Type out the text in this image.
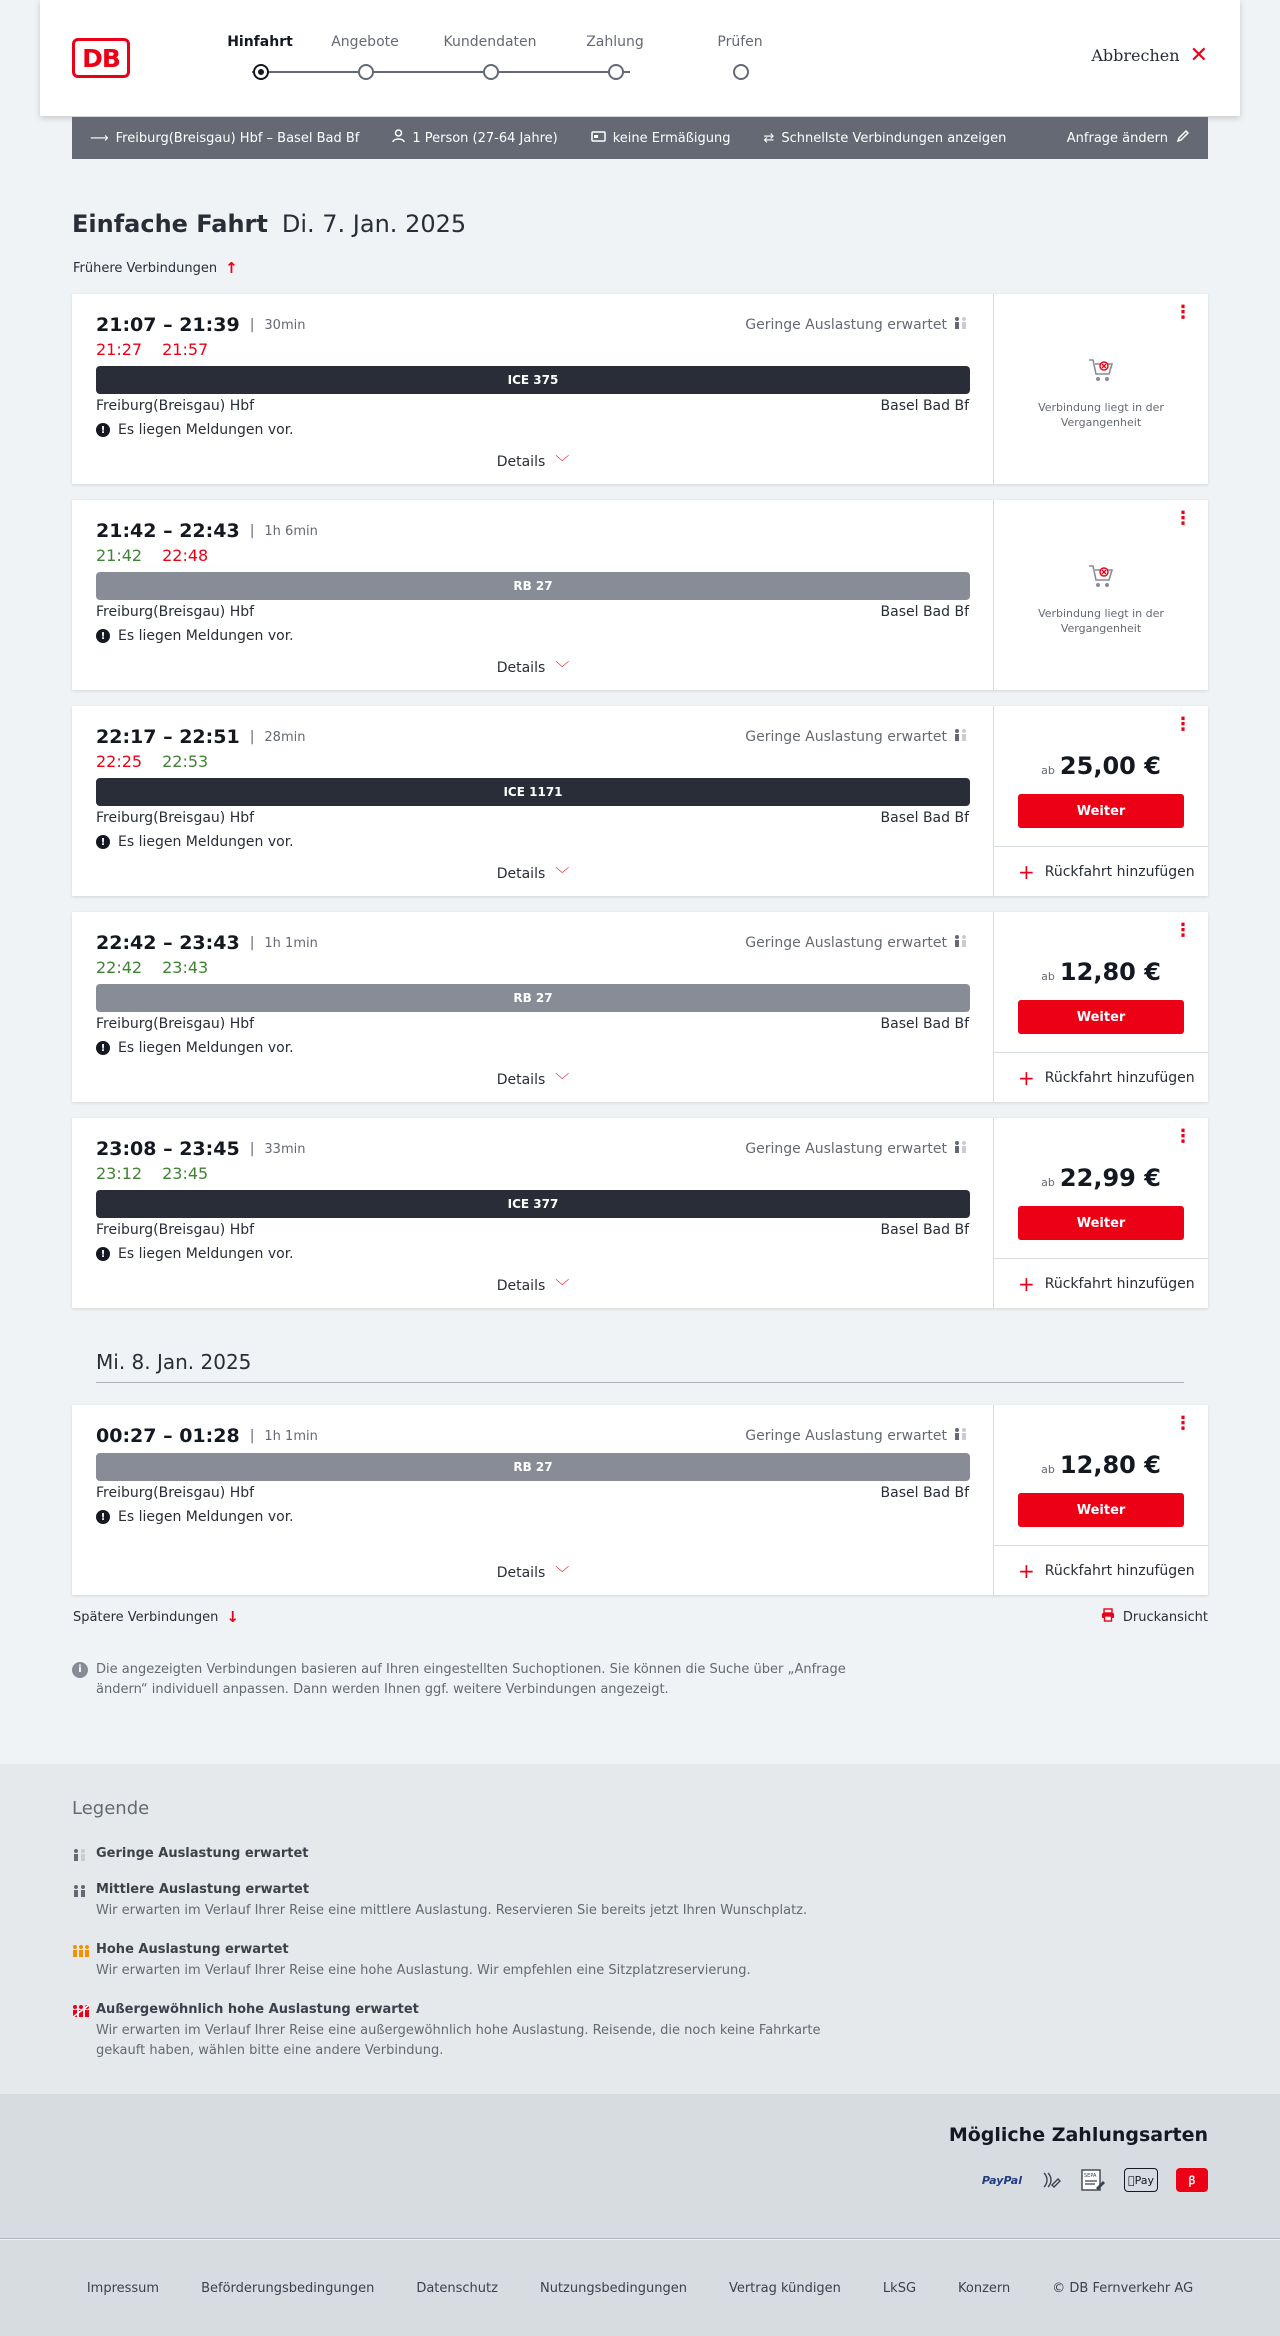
DB
Hinfahrt	Angebote	Kundendaten	Zahlung	Prüfen
Abbrechen ✕
⟶ Freiburg(Breisgau) Hbf – Basel Bad Bf	1 Person (27-64 Jahre)	keine Ermäßigung	⇄ Schnellste Verbindungen anzeigen	Anfrage ändern
Einfache Fahrt Di. 7. Jan. 2025
Frühere Verbindungen ↑
21:07 – 21:39 | 30min
21:27 21:57
Geringe Auslastung erwartet
ICE 375
Freiburg(Breisgau) Hbf	Basel Bad Bf
! Es liegen Meldungen vor.
Details ﹀
⋮
Verbindung liegt in der Vergangenheit
21:42 – 22:43 | 1h 6min
21:42 22:48
RB 27
Freiburg(Breisgau) Hbf	Basel Bad Bf
! Es liegen Meldungen vor.
Details ﹀
⋮
Verbindung liegt in der Vergangenheit
22:17 – 22:51 | 28min
22:25 22:53
Geringe Auslastung erwartet
ICE 1171
Freiburg(Breisgau) Hbf	Basel Bad Bf
! Es liegen Meldungen vor.
Details ﹀
⋮
ab 25,00 €
Weiter
+ Rückfahrt hinzufügen
22:42 – 23:43 | 1h 1min
22:42 23:43
Geringe Auslastung erwartet
RB 27
Freiburg(Breisgau) Hbf	Basel Bad Bf
! Es liegen Meldungen vor.
Details ﹀
⋮
ab 12,80 €
Weiter
+ Rückfahrt hinzufügen
23:08 – 23:45 | 33min
23:12 23:45
Geringe Auslastung erwartet
ICE 377
Freiburg(Breisgau) Hbf	Basel Bad Bf
! Es liegen Meldungen vor.
Details ﹀
⋮
ab 22,99 €
Weiter
+ Rückfahrt hinzufügen
Mi. 8. Jan. 2025
00:27 – 01:28 | 1h 1min	Geringe Auslastung erwartet
RB 27
Freiburg(Breisgau) Hbf	Basel Bad Bf
! Es liegen Meldungen vor.
Details ﹀
⋮
ab 12,80 €
Weiter
+ Rückfahrt hinzufügen
Spätere Verbindungen ↓	Druckansicht
i	Die angezeigten Verbindungen basieren auf Ihren eingestellten Suchoptionen. Sie können die Suche über „Anfrage ändern“ individuell anpassen. Dann werden Ihnen ggf. weitere Verbindungen angezeigt.
Legende
Geringe Auslastung erwartet
Mittlere Auslastung erwartet
Wir erwarten im Verlauf Ihrer Reise eine mittlere Auslastung. Reservieren Sie bereits jetzt Ihren Wunschplatz.
Hohe Auslastung erwartet
Wir erwarten im Verlauf Ihrer Reise eine hohe Auslastung. Wir empfehlen eine Sitzplatzreservierung.
Außergewöhnlich hohe Auslastung erwartet
Wir erwarten im Verlauf Ihrer Reise eine außergewöhnlich hohe Auslastung. Reisende, die noch keine Fahrkarte gekauft haben, wählen bitte eine andere Verbindung.
Mögliche Zahlungsarten
PayPal	SEPA	Pay	ꞵ
Impressum	Beförderungsbedingungen	Datenschutz	Nutzungsbedingungen	Vertrag kündigen	LkSG	Konzern	© DB Fernverkehr AG
